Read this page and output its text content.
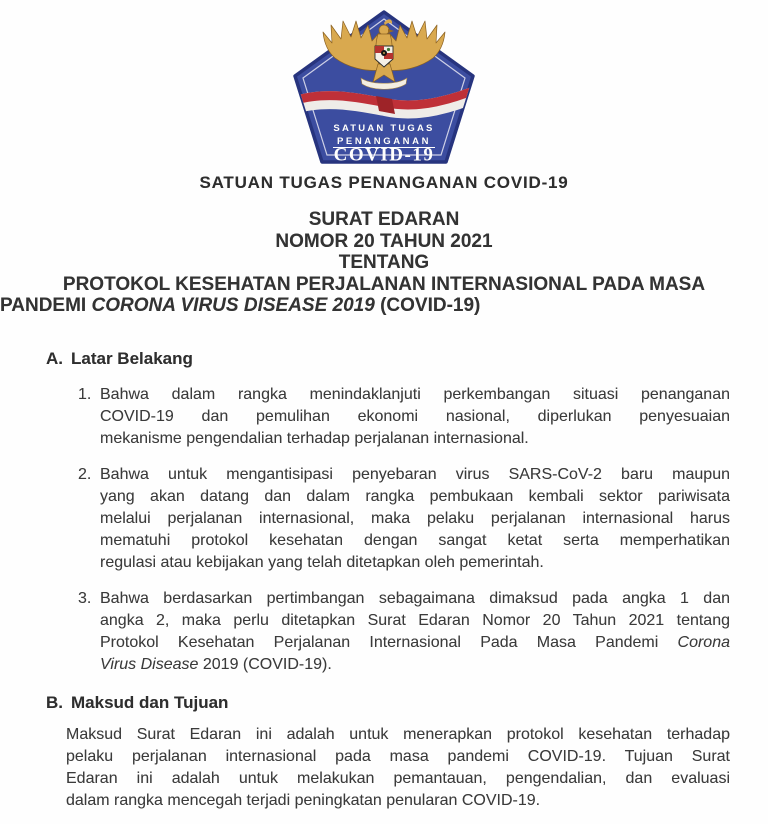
SATUAN TUGAS
PENANGANAN
COVID-19
SATUAN TUGAS PENANGANAN COVID-19
SURAT EDARAN
NOMOR 20 TAHUN 2021
TENTANG
PROTOKOL KESEHATAN PERJALANAN INTERNASIONAL PADA MASA
PANDEMI CORONA VIRUS DISEASE 2019 (COVID-19)
A. Latar Belakang
1. Bahwa dalam rangka menindaklanjuti perkembangan situasi penanganan
COVID-19 dan pemulihan ekonomi nasional, diperlukan penyesuaian
mekanisme pengendalian terhadap perjalanan internasional.
2. Bahwa untuk mengantisipasi penyebaran virus SARS-CoV-2 baru maupun
yang akan datang dan dalam rangka pembukaan kembali sektor pariwisata
melalui perjalanan internasional, maka pelaku perjalanan internasional harus
mematuhi protokol kesehatan dengan sangat ketat serta memperhatikan
regulasi atau kebijakan yang telah ditetapkan oleh pemerintah.
3. Bahwa berdasarkan pertimbangan sebagaimana dimaksud pada angka 1 dan
angka 2, maka perlu ditetapkan Surat Edaran Nomor 20 Tahun 2021 tentang
Protokol Kesehatan Perjalanan Internasional Pada Masa Pandemi Corona
Virus Disease 2019 (COVID-19).
B. Maksud dan Tujuan
Maksud Surat Edaran ini adalah untuk menerapkan protokol kesehatan terhadap
pelaku perjalanan internasional pada masa pandemi COVID-19. Tujuan Surat
Edaran ini adalah untuk melakukan pemantauan, pengendalian, dan evaluasi
dalam rangka mencegah terjadi peningkatan penularan COVID-19.
